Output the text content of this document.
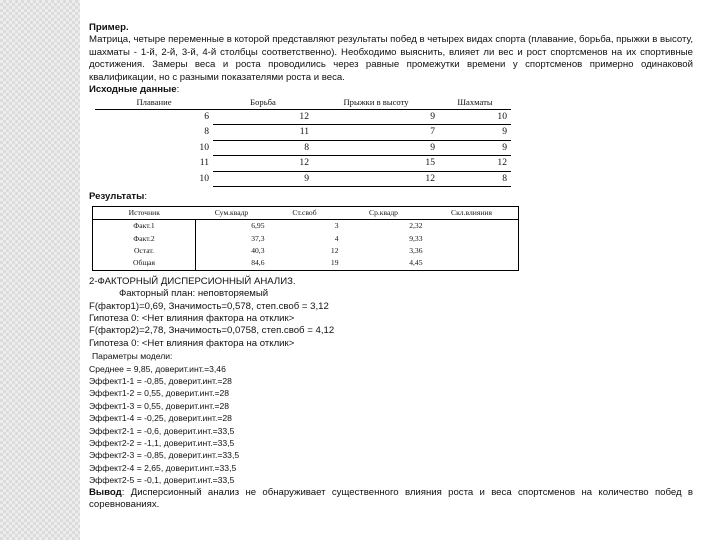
Пример.

Матрица, четыре переменные в которой представляют результаты побед в четырех видах спорта (плавание, борьба, прыжки в высоту, шахматы - 1-й, 2-й, 3-й, 4-й столбцы соответственно). Необходимо выяснить, влияет ли вес и рост спортсменов на их спортивные достижения. Замеры веса и роста проводились через равные промежутки времени у спортсменов примерно одинаковой квалификации, но с разными показателями роста и веса.

Исходные данные:

Плавание	Борьба	Прыжки в высоту	Шахматы
6	12	9	10
8	11	7	9
10	8	9	9
11	12	15	12
10	9	12	8

Результаты:

Источник	Сум.квадр	Ст.своб	Ср.квадр	Скл.влияния
Факт.1	6,95	3	2,32	
Факт.2	37,3	4	9,33	
Остат.	40,3	12	3,36	
Общая	84,6	19	4,45	

2-ФАКТОРНЫЙ ДИСПЕРСИОННЫЙ АНАЛИЗ.

Факторный план: неповторяемый

F(фактор1)=0,69, Значимость=0,578, степ.своб = 3,12

Гипотеза 0: <Нет влияния фактора на отклик>

F(фактор2)=2,78, Значимость=0,0758, степ.своб = 4,12

Гипотеза 0: <Нет влияния фактора на отклик>

Параметры модели:

Среднее = 9,85, доверит.инт.=3,46

Эффект1-1 = -0,85, доверит.инт.=28

Эффект1-2 = 0,55, доверит.инт.=28

Эффект1-3 = 0,55, доверит.инт.=28

Эффект1-4 = -0,25, доверит.инт.=28

Эффект2-1 = -0,6, доверит.инт.=33,5

Эффект2-2 = -1,1, доверит.инт.=33,5

Эффект2-3 = -0,85, доверит.инт.=33,5

Эффект2-4 = 2,65, доверит.инт.=33,5

Эффект2-5 = -0,1, доверит.инт.=33,5

Вывод: Дисперсионный анализ не обнаруживает существенного влияния роста и веса спортсменов на количество побед в соревнованиях.
